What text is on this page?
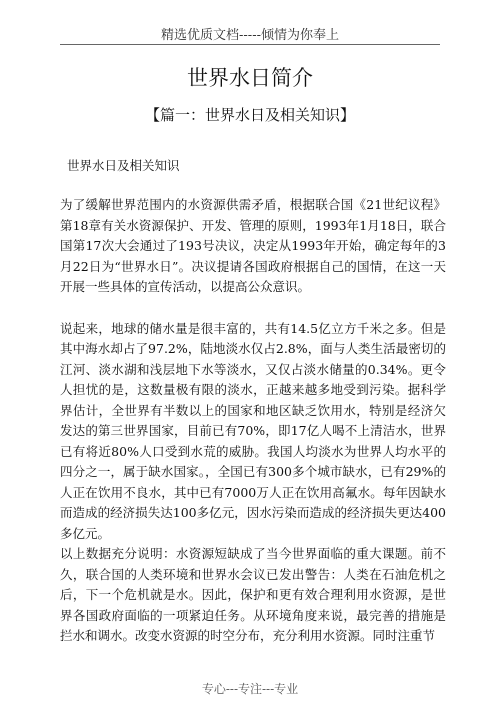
精选优质文档-----倾情为你奉上
世界水日简介
【篇一：世界水日及相关知识】
世界水日及相关知识

为了缓解世界范围内的水资源供需矛盾，根据联合国《21世纪议程》第18章有关水资源保护、开发、管理的原则，1993年1月18日，联合国第17次大会通过了193号决议，决定从1993年开始，确定每年的3月22日为“世界水日”。决议提请各国政府根据自己的国情，在这一天开展一些具体的宣传活动，以提高公众意识。

说起来，地球的储水量是很丰富的，共有14.5亿立方千米之多。但是其中海水却占了97.2%，陆地淡水仅占2.8%，面与人类生活最密切的江河、淡水湖和浅层地下水等淡水，又仅占淡水储量的0.34%。更令人担忧的是，这数量极有限的淡水，正越来越多地受到污染。据科学界估计，全世界有半数以上的国家和地区缺乏饮用水，特别是经济欠发达的第三世界国家，目前已有70%，即17亿人喝不上清洁水，世界已有将近80%人口受到水荒的威胁。我国人均淡水为世界人均水平的四分之一，属于缺水国家。，全国已有300多个城市缺水，已有29%的人正在饮用不良水，其中已有7000万人正在饮用高氟水。每年因缺水而造成的经济损失达100多亿元，因水污染而造成的经济损失更达400多亿元。

以上数据充分说明：水资源短缺成了当今世界面临的重大课题。前不久，联合国的人类环境和世界水会议已发出警告：人类在石油危机之后，下一个危机就是水。因此，保护和更有效合理利用水资源，是世界各国政府面临的一项紧迫任务。从环境角度来说，最完善的措施是拦水和调水。改变水资源的时空分布，充分利用水资源。同时注重节

专心---专注---专业
